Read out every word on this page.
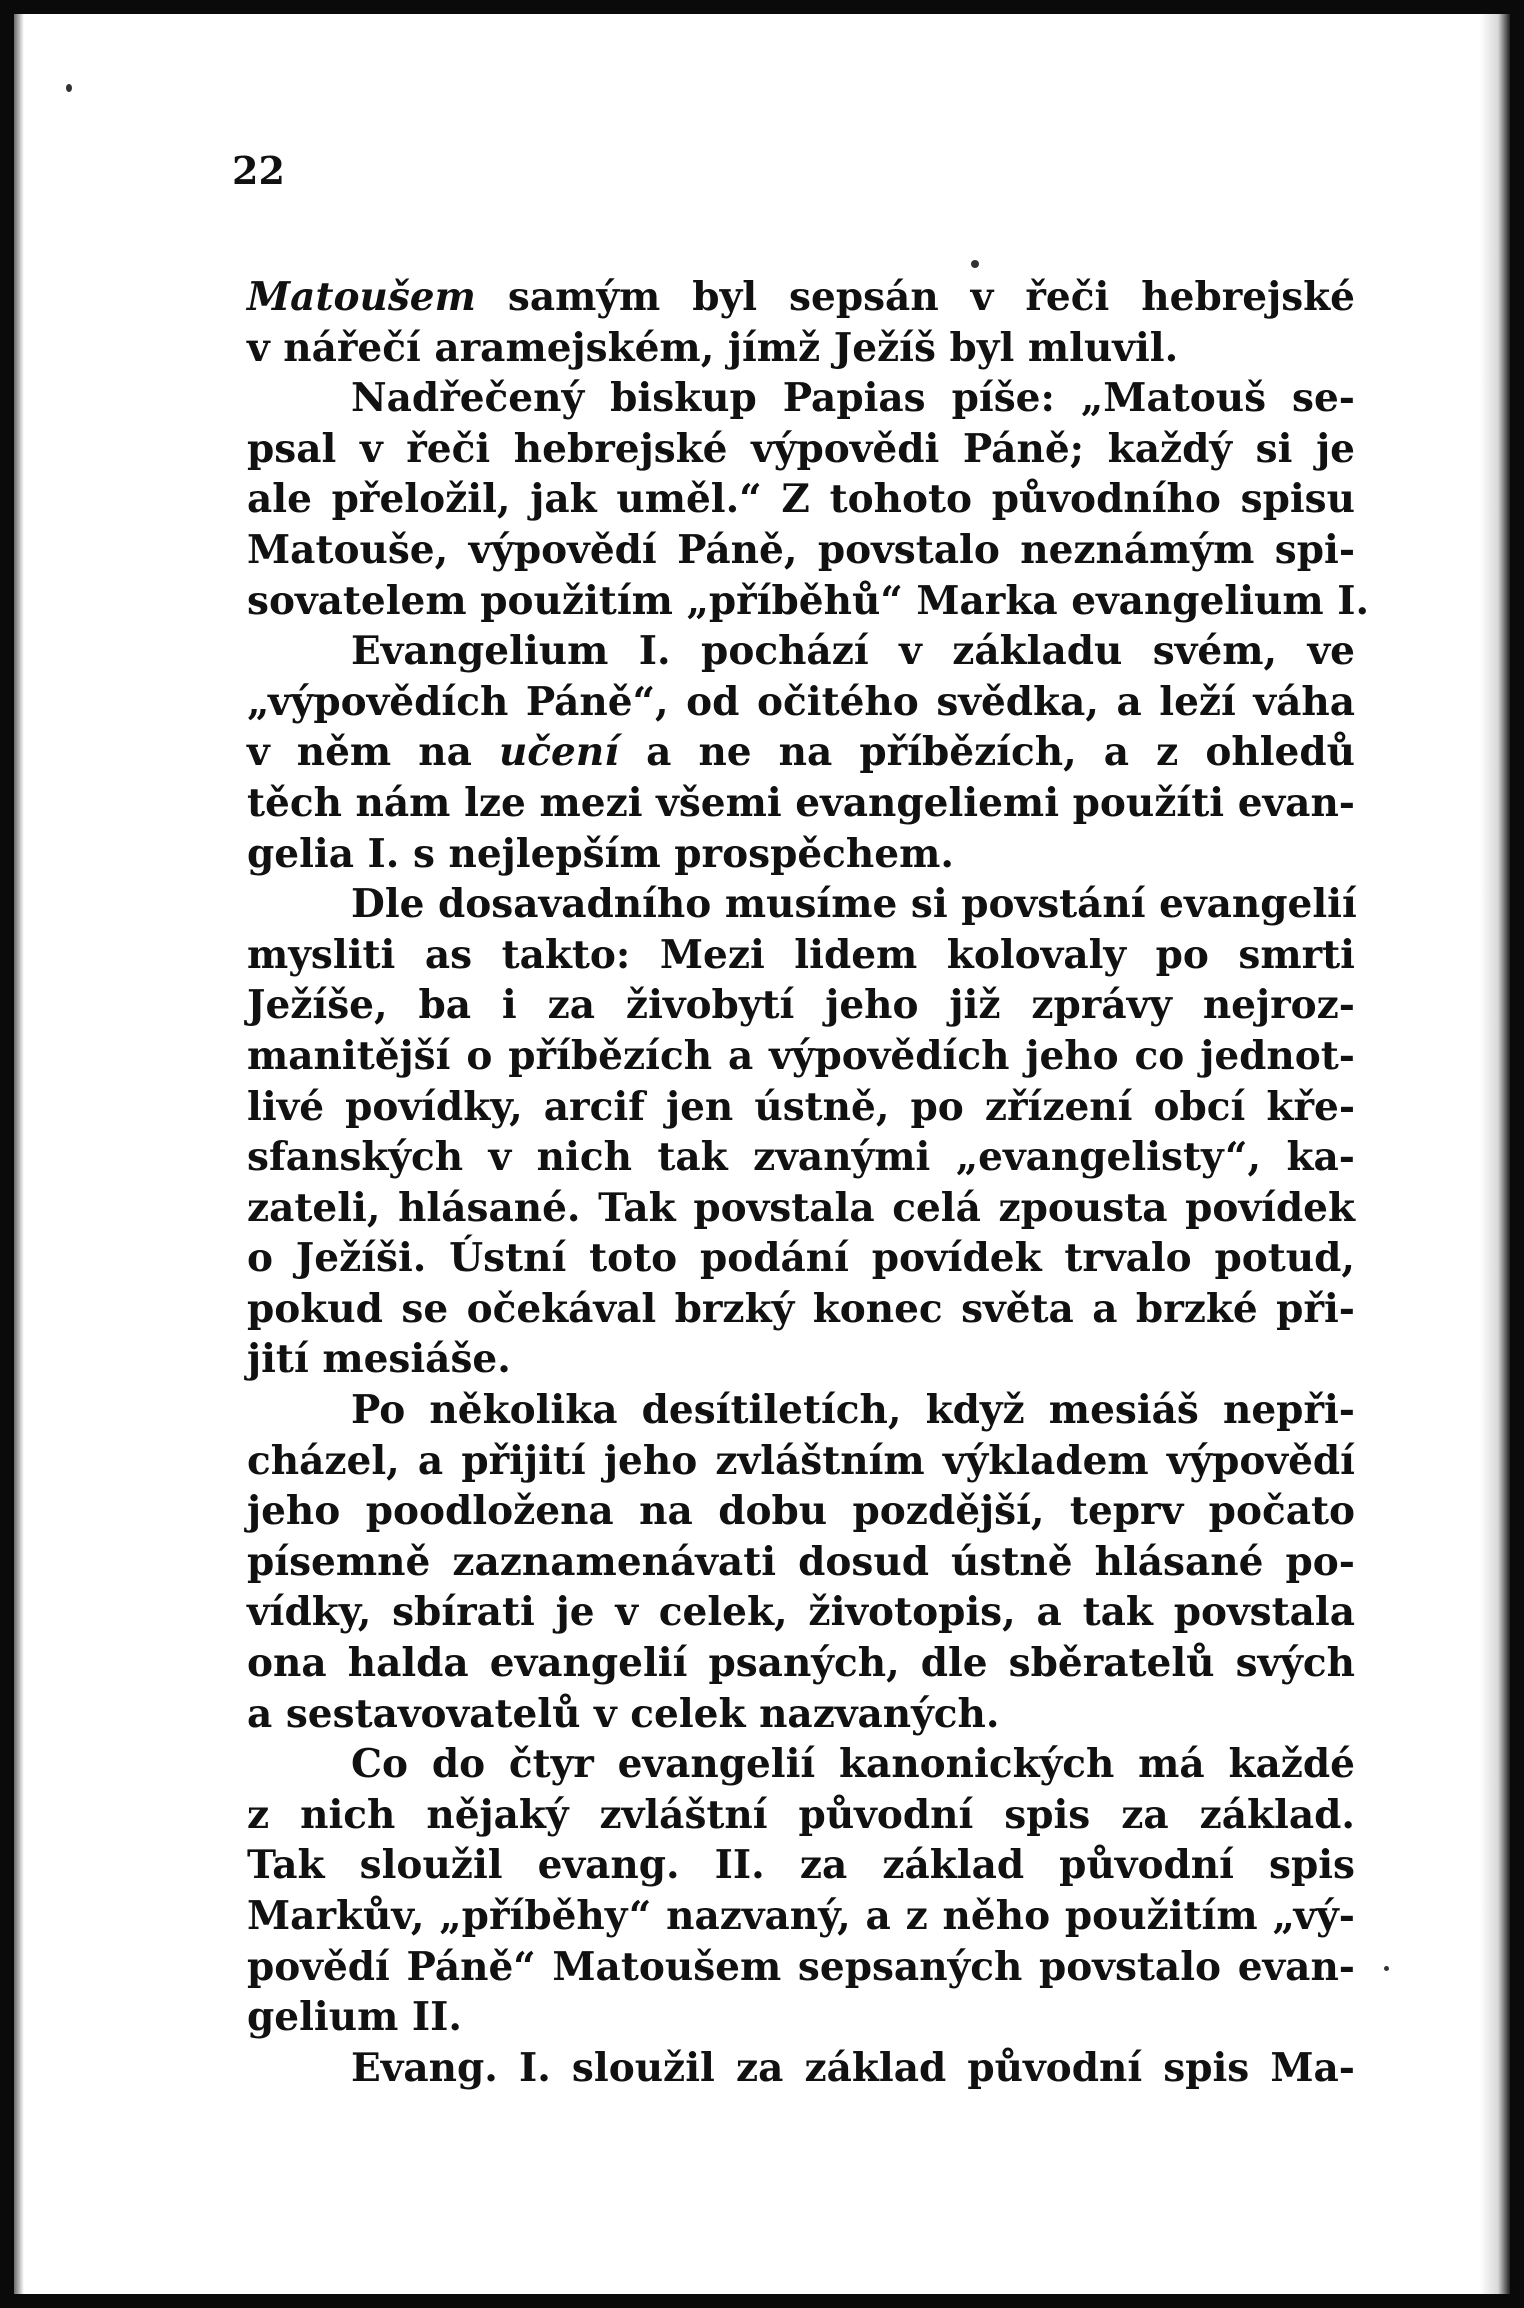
22
Matoušem samým byl sepsán v řeči hebrejské
v nářečí aramejském, jímž Ježíš byl mluvil.
Nadřečený biskup Papias píše: „Matouš se-
psal v řeči hebrejské výpovědi Páně; každý si je
ale přeložil, jak uměl.“ Z tohoto původního spisu
Matouše, výpovědí Páně, povstalo neznámým spi-
sovatelem použitím „příběhů“ Marka evangelium I.
Evangelium I. pochází v základu svém, ve
„výpovědích Páně“, od očitého svědka, a leží váha
v něm na učení a ne na příbězích, a z ohledů
těch nám lze mezi všemi evangeliemi použíti evan-
gelia I. s nejlepším prospěchem.
Dle dosavadního musíme si povstání evangelií
mysliti as takto: Mezi lidem kolovaly po smrti
Ježíše, ba i za živobytí jeho již zprávy nejroz-
manitější o příbězích a výpovědích jeho co jednot-
livé povídky, arcif jen ústně, po zřízení obcí kře-
sfanských v nich tak zvanými „evangelisty“, ka-
zateli, hlásané. Tak povstala celá zpousta povídek
o Ježíši. Ústní toto podání povídek trvalo potud,
pokud se očekával brzký konec světa a brzké při-
jití mesiáše.
Po několika desítiletích, když mesiáš nepři-
cházel, a přijití jeho zvláštním výkladem výpovědí
jeho poodložena na dobu pozdější, teprv počato
písemně zaznamenávati dosud ústně hlásané po-
vídky, sbírati je v celek, životopis, a tak povstala
ona halda evangelií psaných, dle sběratelů svých
a sestavovatelů v celek nazvaných.
Co do čtyr evangelií kanonických má každé
z nich nějaký zvláštní původní spis za základ.
Tak sloužil evang. II. za základ původní spis
Markův, „příběhy“ nazvaný, a z něho použitím „vý-
povědí Páně“ Matoušem sepsaných povstalo evan-
gelium II.
Evang. I. sloužil za základ původní spis Ma-
